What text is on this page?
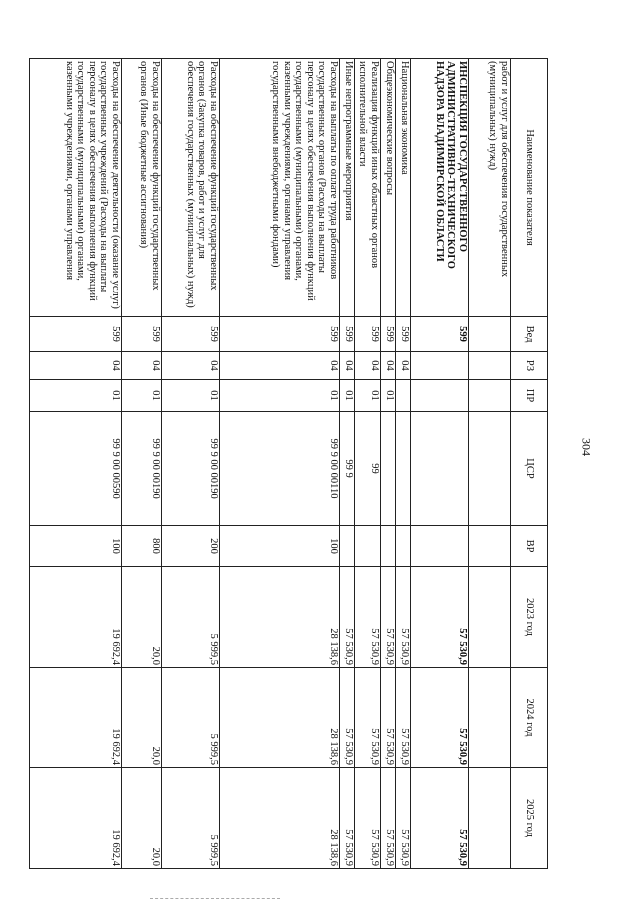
304
Наименование показателя	Вед	РЗ	ПР	ЦСР	ВР	2023 год	2024 год	2025 год
работ и услуг для обеспечения государственных (муниципальных) нужд)								
ИНСПЕКЦИЯ ГОСУДАРСТВЕННОГО АДМИНИСТРАТИВНО-ТЕХНИЧЕСКОГО НАДЗОРА ВЛАДИМИРСКОЙ ОБЛАСТИ	599					57 530,9	57 530,9	57 530,9
Национальная экономика	599	04				57 530,9	57 530,9	57 530,9
Общеэкономические вопросы	599	04	01			57 530,9	57 530,9	57 530,9
Реализация функций иных областных органов исполнительной власти	599	04	01	99		57 530,9	57 530,9	57 530,9
Иные непрограммные мероприятия	599	04	01	99 9		57 530,9	57 530,9	57 530,9
Расходы на выплаты по оплате труда работников государственных органов (Расходы на выплаты персоналу в целях обеспечения выполнения функций государственными (муниципальными) органами, казенными учреждениями, органами управления государственными внебюджетными фондами)	599	04	01	99 9 00 00110	100	28 138,6	28 138,6	28 138,6
Расходы на обеспечение функций государственных органов (Закупка товаров, работ и услуг для обеспечения государственных (муниципальных) нужд)	599	04	01	99 9 00 00190	200	5 999,5	5 999,5	5 999,5
Расходы на обеспечение функций государственных органов (Иные бюджетные ассигнования)	599	04	01	99 9 00 00190	800	20,0	20,0	20,0
Расходы на обеспечение деятельности (оказание услуг) государственных учреждений (Расходы на выплаты персоналу в целях обеспечения выполнения функций государственными (муниципальными) органами, казенными учреждениями, органами управления	599	04	01	99 9 00 00590	100	19 692,4	19 692,4	19 692,4
